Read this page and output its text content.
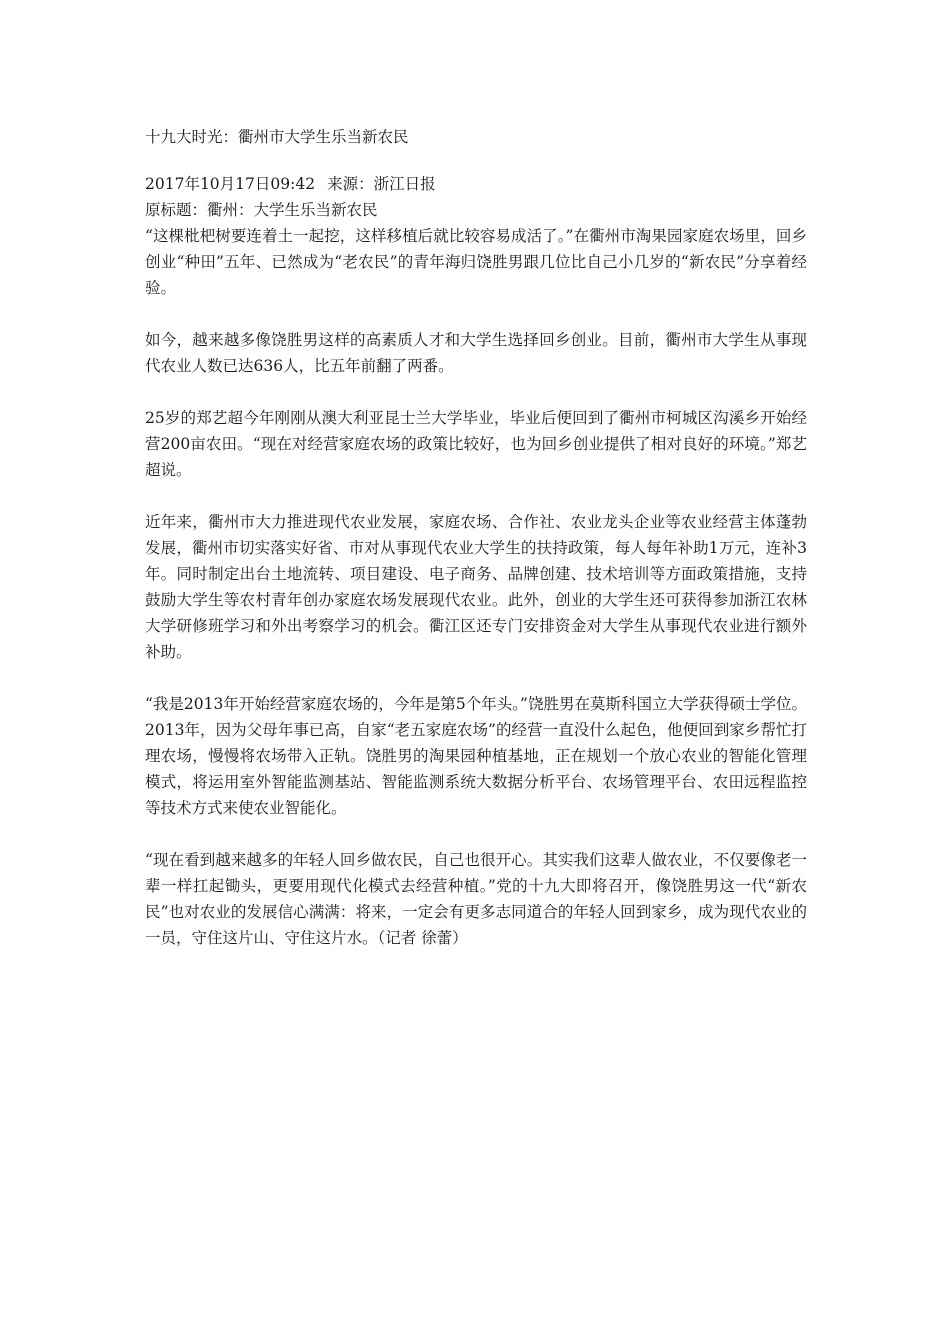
十九大时光：衢州市大学生乐当新农民

2017年10月17日09:42 来源：浙江日报

原标题：衢州：大学生乐当新农民

“这棵枇杷树要连着土一起挖，这样移植后就比较容易成活了。”在衢州市淘果园家庭农场里，回乡创业“种田”五年、已然成为“老农民”的青年海归饶胜男跟几位比自己小几岁的“新农民”分享着经验。

如今，越来越多像饶胜男这样的高素质人才和大学生选择回乡创业。目前，衢州市大学生从事现代农业人数已达636人，比五年前翻了两番。

25岁的郑艺超今年刚刚从澳大利亚昆士兰大学毕业，毕业后便回到了衢州市柯城区沟溪乡开始经营200亩农田。“现在对经营家庭农场的政策比较好，也为回乡创业提供了相对良好的环境。”郑艺超说。

近年来，衢州市大力推进现代农业发展，家庭农场、合作社、农业龙头企业等农业经营主体蓬勃发展，衢州市切实落实好省、市对从事现代农业大学生的扶持政策，每人每年补助1万元，连补3年。同时制定出台土地流转、项目建设、电子商务、品牌创建、技术培训等方面政策措施，支持鼓励大学生等农村青年创办家庭农场发展现代农业。此外，创业的大学生还可获得参加浙江农林大学研修班学习和外出考察学习的机会。衢江区还专门安排资金对大学生从事现代农业进行额外补助。

“我是2013年开始经营家庭农场的，今年是第5个年头。”饶胜男在莫斯科国立大学获得硕士学位。2013年，因为父母年事已高，自家“老五家庭农场”的经营一直没什么起色，他便回到家乡帮忙打理农场，慢慢将农场带入正轨。饶胜男的淘果园种植基地，正在规划一个放心农业的智能化管理模式，将运用室外智能监测基站、智能监测系统大数据分析平台、农场管理平台、农田远程监控等技术方式来使农业智能化。

“现在看到越来越多的年轻人回乡做农民，自己也很开心。其实我们这辈人做农业，不仅要像老一辈一样扛起锄头，更要用现代化模式去经营种植。”党的十九大即将召开，像饶胜男这一代“新农民”也对农业的发展信心满满：将来，一定会有更多志同道合的年轻人回到家乡，成为现代农业的一员，守住这片山、守住这片水。（记者 徐蕾）
